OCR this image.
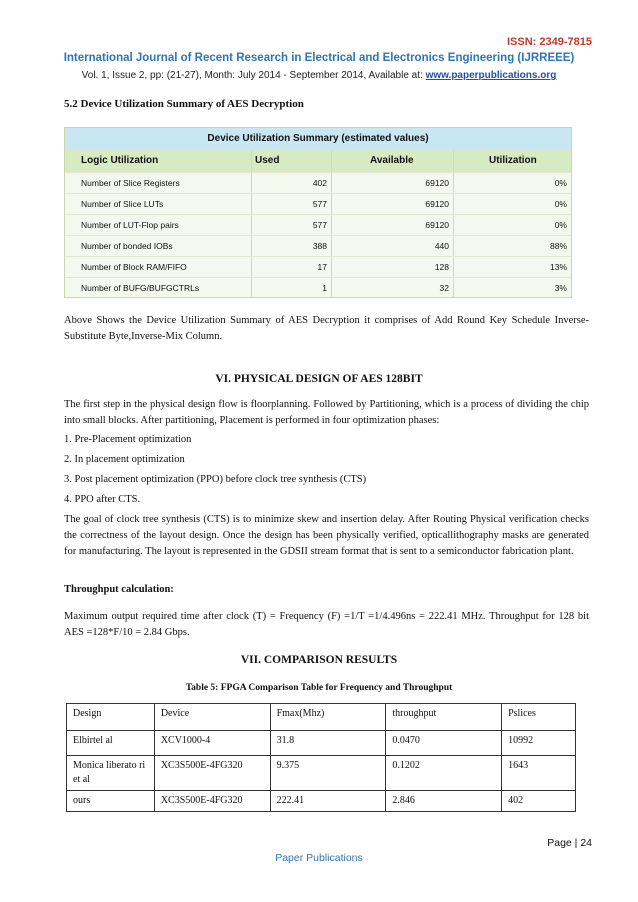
ISSN: 2349-7815
International Journal of Recent Research in Electrical and Electronics Engineering (IJRREEE)
Vol. 1, Issue 2, pp: (21-27), Month: July 2014 - September 2014, Available at: www.paperpublications.org
5.2 Device Utilization Summary of AES Decryption
Device Utilization Summary (estimated values)
Logic Utilization	Used	Available	Utilization
Number of Slice Registers	402	69120	0%
Number of Slice LUTs	577	69120	0%
Number of LUT-Flop pairs	577	69120	0%
Number of bonded IOBs	388	440	88%
Number of Block RAM/FIFO	17	128	13%
Number of BUFG/BUFGCTRLs	1	32	3%

Above Shows the Device Utilization Summary of AES Decryption it comprises of Add Round Key Schedule Inverse-Substitute Byte,Inverse-Mix Column.

VI. PHYSICAL DESIGN OF AES 128BIT

The first step in the physical design flow is floorplanning. Followed by Partitioning, which is a process of dividing the chip into small blocks. After partitioning, Placement is performed in four optimization phases:

1. Pre-Placement optimization

2. In placement optimization

3. Post placement optimization (PPO) before clock tree synthesis (CTS)

4. PPO after CTS.

The goal of clock tree synthesis (CTS) is to minimize skew and insertion delay. After Routing Physical verification checks the correctness of the layout design. Once the design has been physically verified, opticallithography masks are generated for manufacturing. The layout is represented in the GDSII stream format that is sent to a semiconductor fabrication plant.

Throughput calculation:

Maximum output required time after clock (T) = Frequency (F) =1/T =1/4.496ns = 222.41 MHz. Throughput for 128 bit AES =128*F/10 = 2.84 Gbps.

VII. COMPARISON RESULTS
Table 5: FPGA Comparison Table for Frequency and Throughput
Design	Device	Fmax(Mhz)	throughput	Pslices
Elbirtel al	XCV1000-4	31.8	0.0470	10992
Monica liberato ri et al	XC3S500E-4FG320	9.375	0.1202	1643
ours	XC3S500E-4FG320	222.41	2.846	402
Page | 24
Paper Publications
